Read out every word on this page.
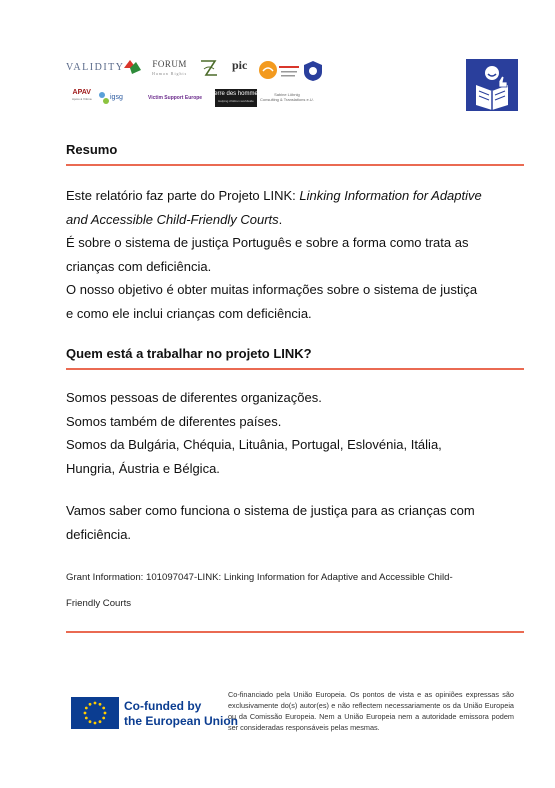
VALIDITY	FORUM
Human Rights
pic
APAV
Apoio à Vítima	igsg	Victim Support Europe
Terre des hommes
Helping children worldwide
Sabine Löbnig
Consulting & Translations e.U.
Resumo
Este relatório faz parte do Projeto LINK: Linking Information for Adaptive
and Accessible Child-Friendly Courts.
É sobre o sistema de justiça Português e sobre a forma como trata as
crianças com deficiência.
O nosso objetivo é obter muitas informações sobre o sistema de justiça
e como ele inclui crianças com deficiência.
Quem está a trabalhar no projeto LINK?
Somos pessoas de diferentes organizações.
Somos também de diferentes países.
Somos da Bulgária, Chéquia, Lituânia, Portugal, Eslovénia, Itália,
Hungria, Áustria e Bélgica.
Vamos saber como funciona o sistema de justiça para as crianças com
deficiência.
Grant Information: 101097047-LINK: Linking Information for Adaptive and Accessible Child-
Friendly Courts
Co-funded by
the European Union

Co-financiado pela União Europeia. Os pontos de vista e as opiniões expressas são exclusivamente do(s) autor(es) e não reflectem necessariamente os da União Europeia ou da Comissão Europeia. Nem a União Europeia nem a autoridade emissora podem ser consideradas responsáveis pelas mesmas.
